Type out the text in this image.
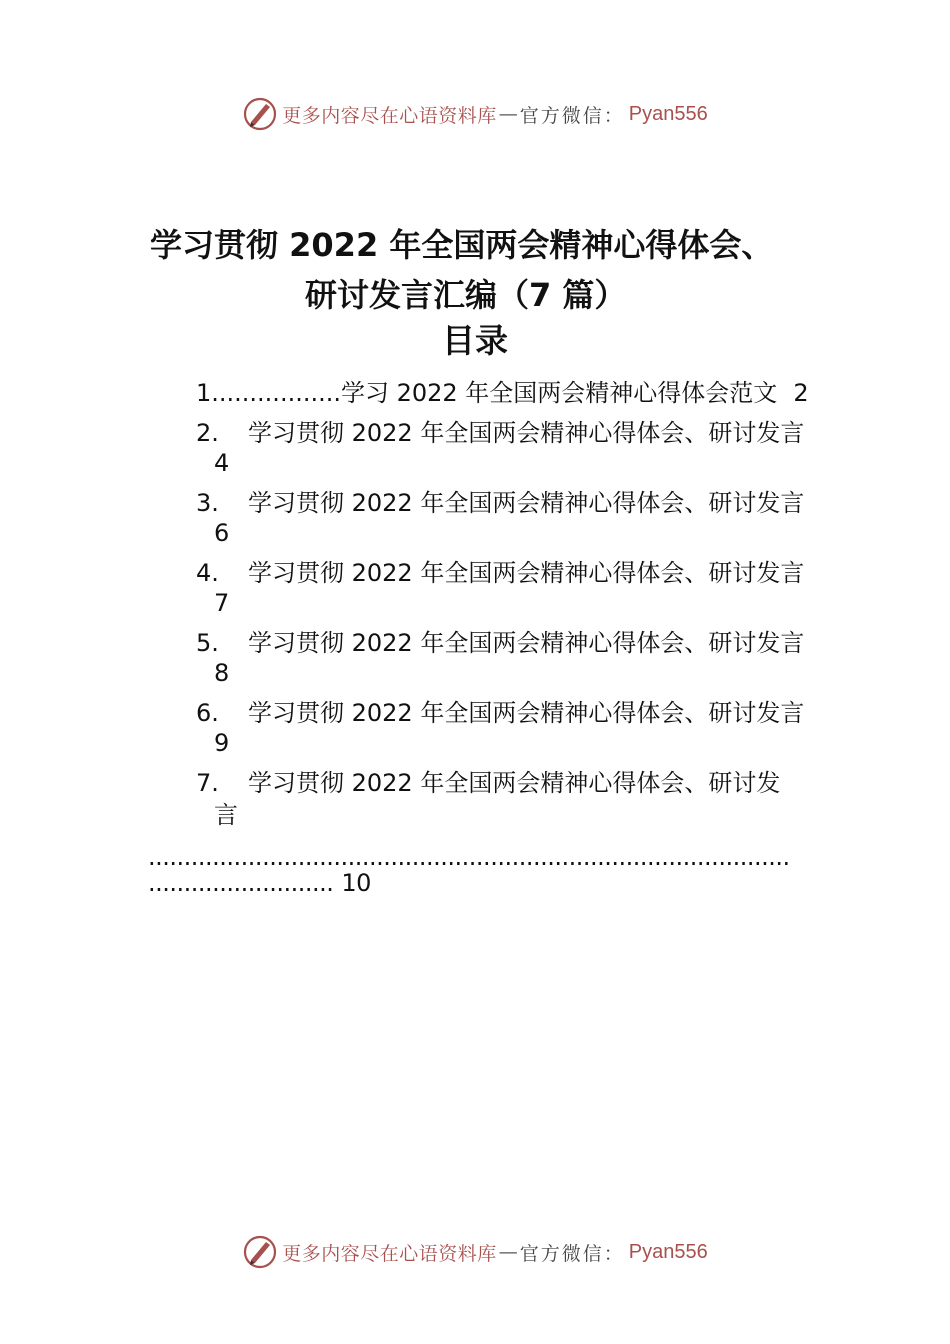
更多内容尽在心语资料库 — 官方微信： Pyan556
学习贯彻 2022 年全国两会精神心得体会、
研讨发言汇编（7 篇）
目录
1.................学习 2022 年全国两会精神心得体会范文 2
2. 学习贯彻 2022 年全国两会精神心得体会、研讨发言
4
3. 学习贯彻 2022 年全国两会精神心得体会、研讨发言
6
4. 学习贯彻 2022 年全国两会精神心得体会、研讨发言
7
5. 学习贯彻 2022 年全国两会精神心得体会、研讨发言
8
6. 学习贯彻 2022 年全国两会精神心得体会、研讨发言
9
7. 学习贯彻 2022 年全国两会精神心得体会、研讨发
言
..........................................................................................
.......................... 10
更多内容尽在心语资料库 — 官方微信： Pyan556
